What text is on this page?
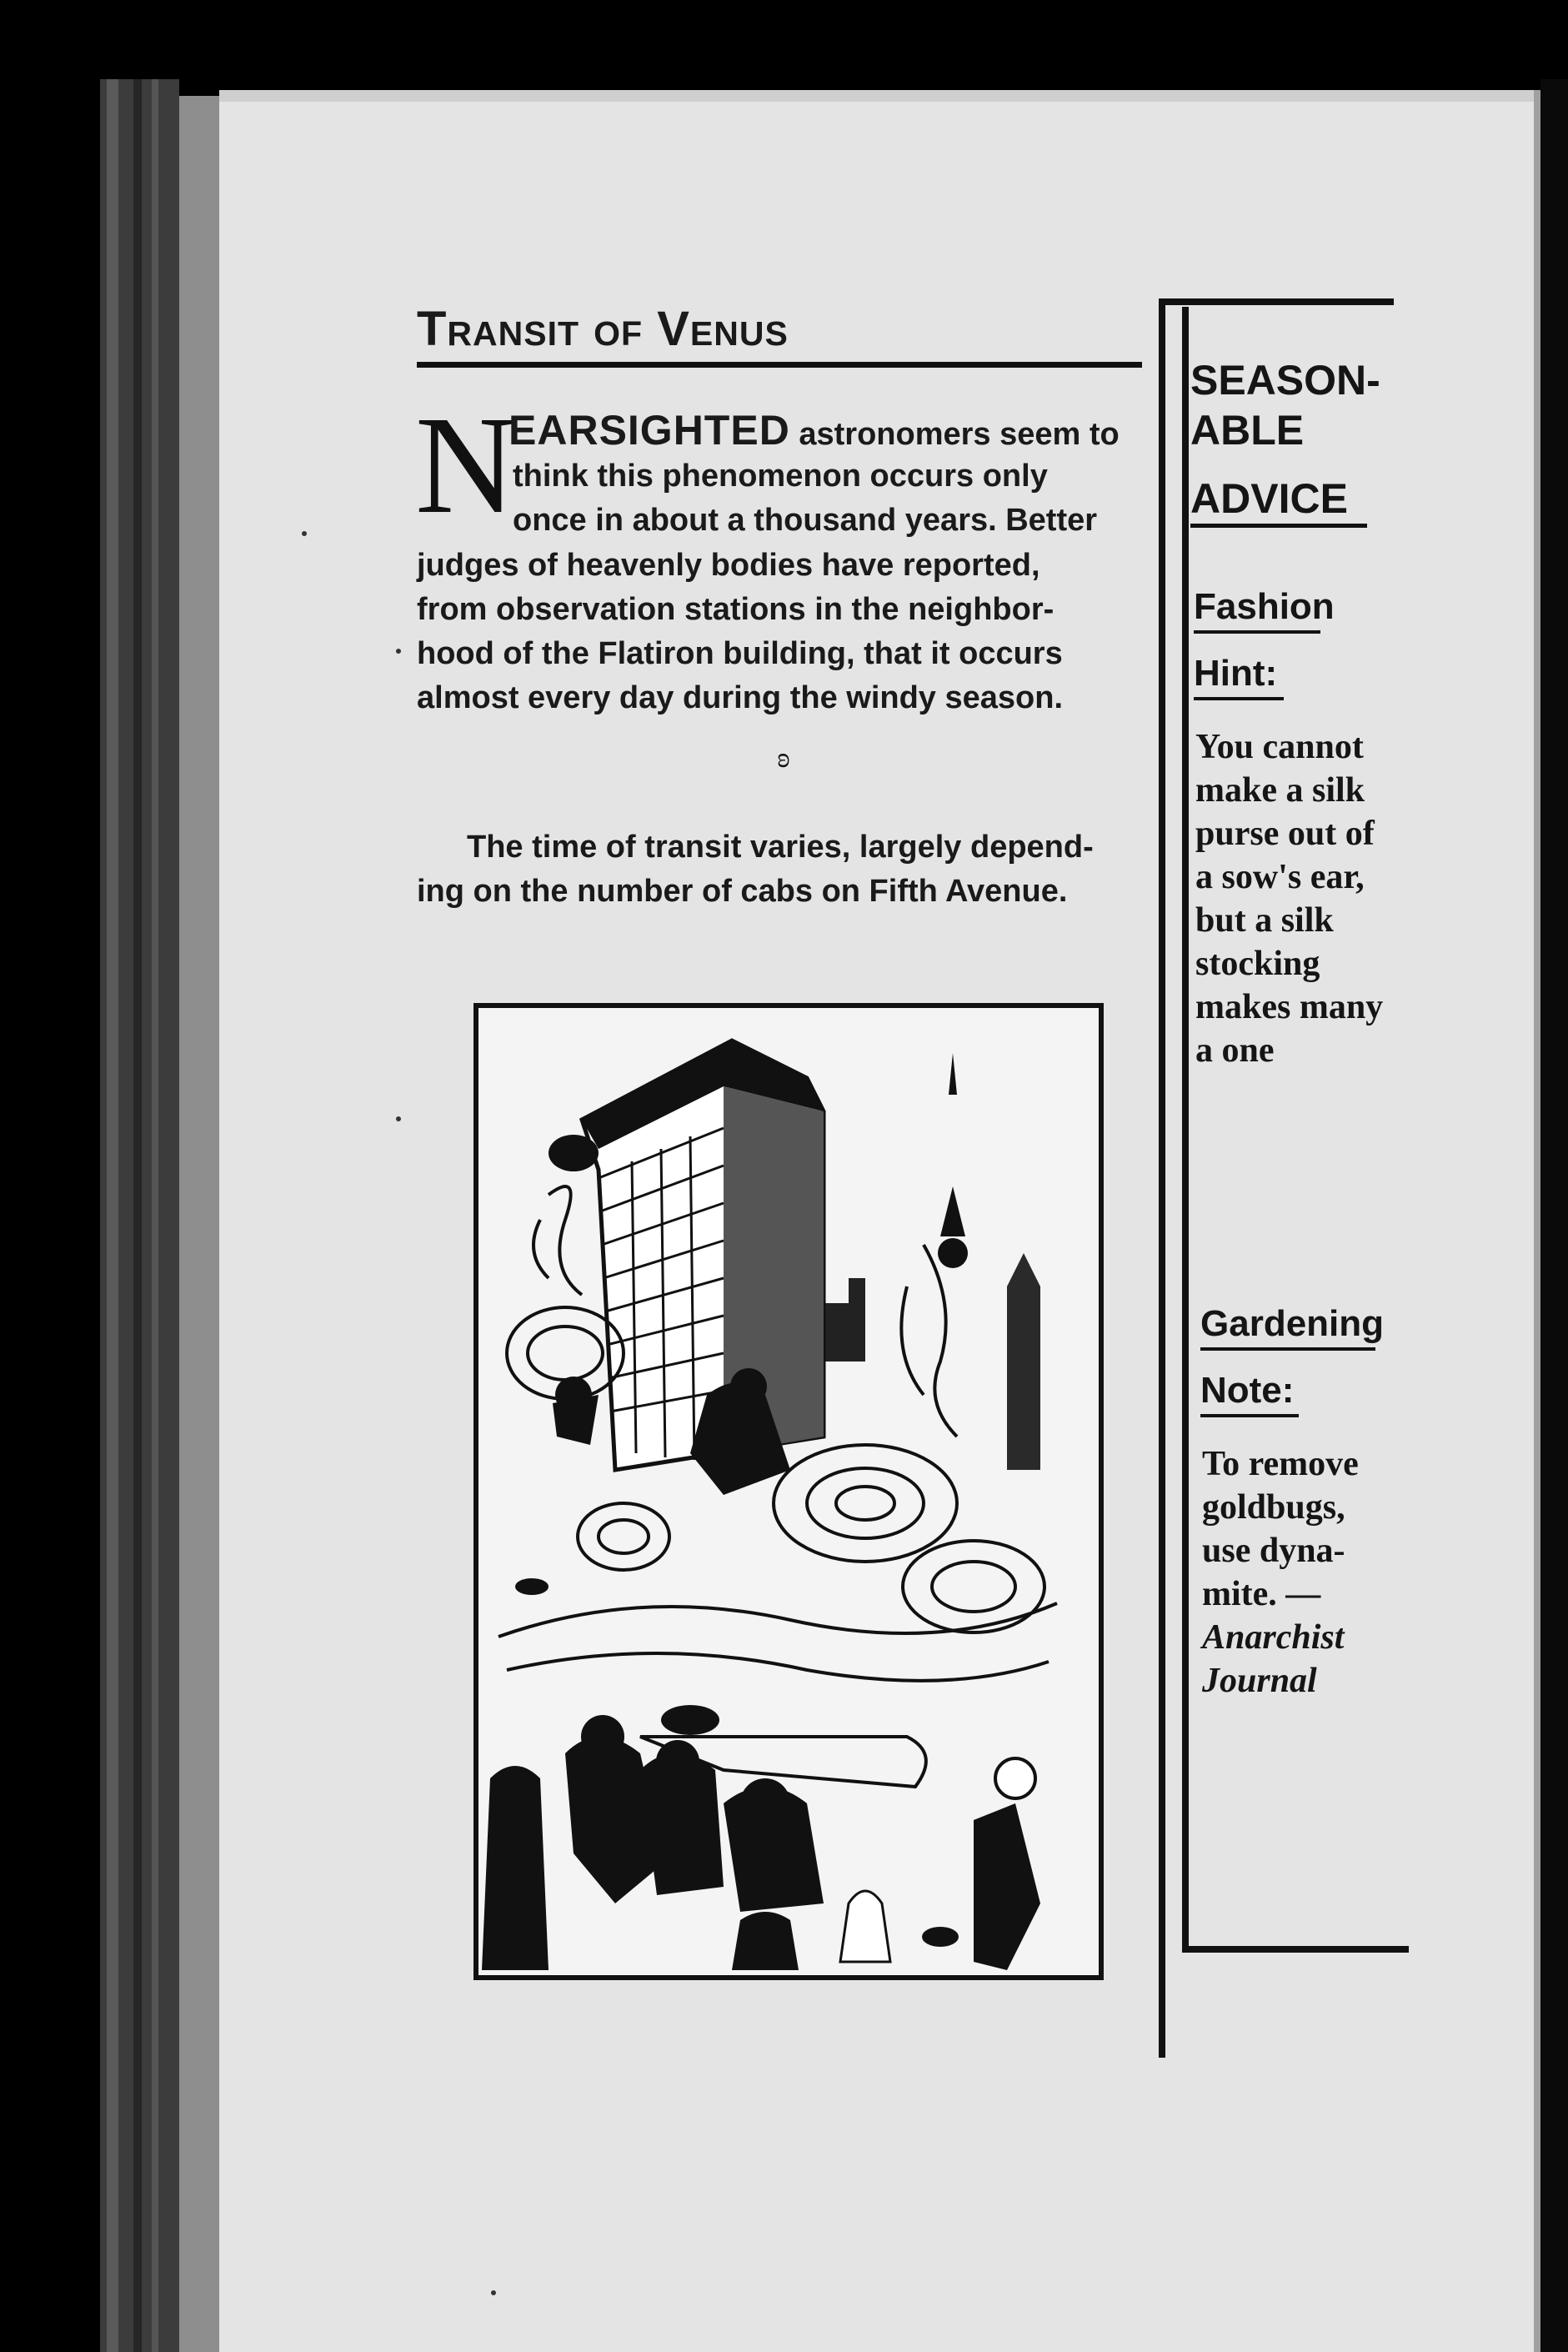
Transit of Venus
N
EARSIGHTED astronomers seem to
think this phenomenon occurs only
once in about a thousand years. Better
judges of heavenly bodies have reported,
from observation stations in the neighbor-
hood of the Flatiron building, that it occurs
almost every day during the windy season.
ʚ
The time of transit varies, largely depend-
ing on the number of cabs on Fifth Avenue.
SEASON-
ABLE
ADVICE
Fashion
Hint:
You cannot
make a silk
purse out of
a sow's ear,
but a silk
stocking
makes many
a one
Gardening
Note:
To remove
goldbugs,
use dyna-
mite. —
Anarchist
Journal
